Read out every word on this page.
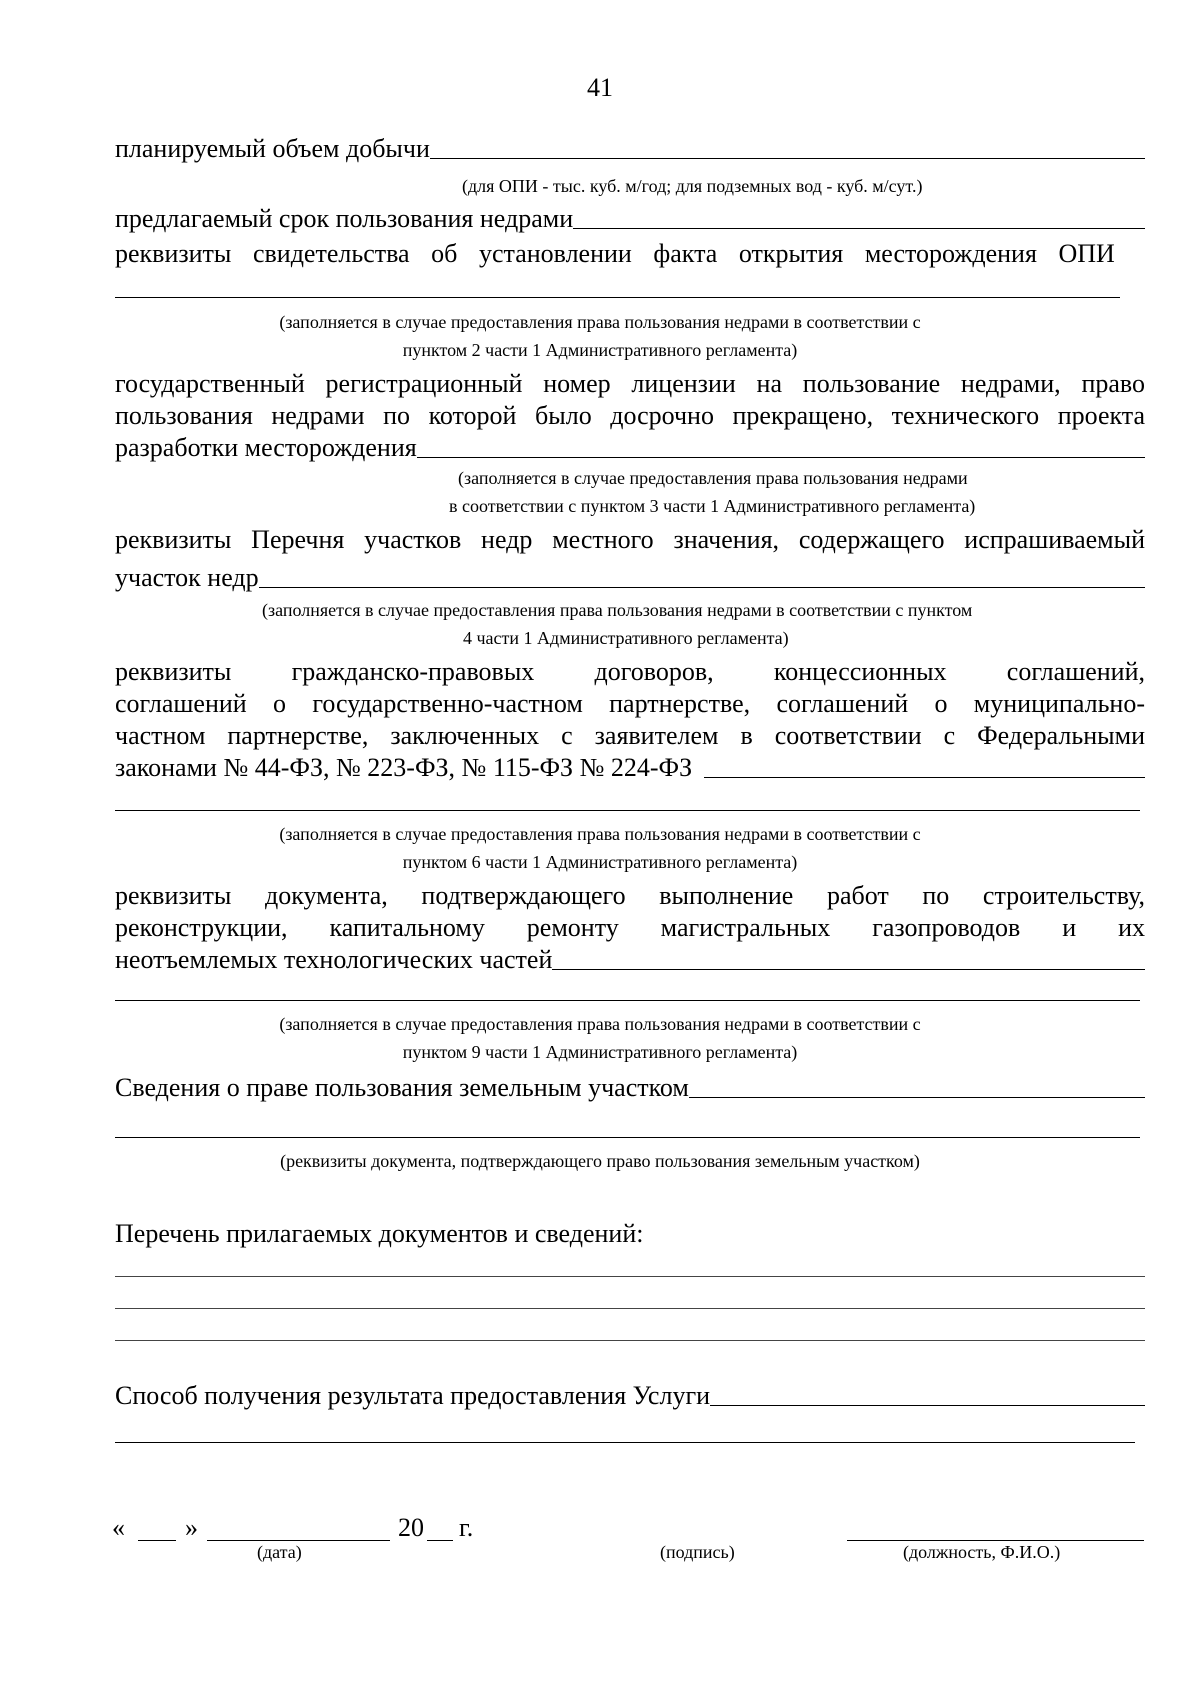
41
планируемый объем добычи
(для ОПИ - тыс. куб. м/год; для подземных вод - куб. м/сут.)
предлагаемый срок пользования недрами
реквизиты свидетельства об установлении факта открытия месторождения ОПИ
(заполняется в случае предоставления права пользования недрами в соответствии с
пунктом 2 части 1 Административного регламента)
государственный регистрационный номер лицензии на пользование недрами, право
пользования недрами по которой было досрочно прекращено, технического проекта
разработки месторождения
(заполняется в случае предоставления права пользования недрами
в соответствии с пунктом 3 части 1 Административного регламента)
реквизиты Перечня участков недр местного значения, содержащего испрашиваемый
участок недр
(заполняется в случае предоставления права пользования недрами в соответствии с пунктом
4 части 1 Административного регламента)
реквизиты гражданско-правовых договоров, концессионных соглашений,
соглашений о государственно-частном партнерстве, соглашений о муниципально-
частном партнерстве, заключенных с заявителем в соответствии с Федеральными
законами № 44-ФЗ, № 223-ФЗ, № 115-ФЗ № 224-ФЗ
(заполняется в случае предоставления права пользования недрами в соответствии с
пунктом 6 части 1 Административного регламента)
реквизиты документа, подтверждающего выполнение работ по строительству,
реконструкции, капитальному ремонту магистральных газопроводов и их
неотъемлемых технологических частей
(заполняется в случае предоставления права пользования недрами в соответствии с
пунктом 9 части 1 Административного регламента)
Сведения о праве пользования земельным участком
(реквизиты документа, подтверждающего право пользования земельным участком)
Перечень прилагаемых документов и сведений:
Способ получения результата предоставления Услуги
« »	20 г.
(дата)	(подпись)	(должность, Ф.И.О.)
